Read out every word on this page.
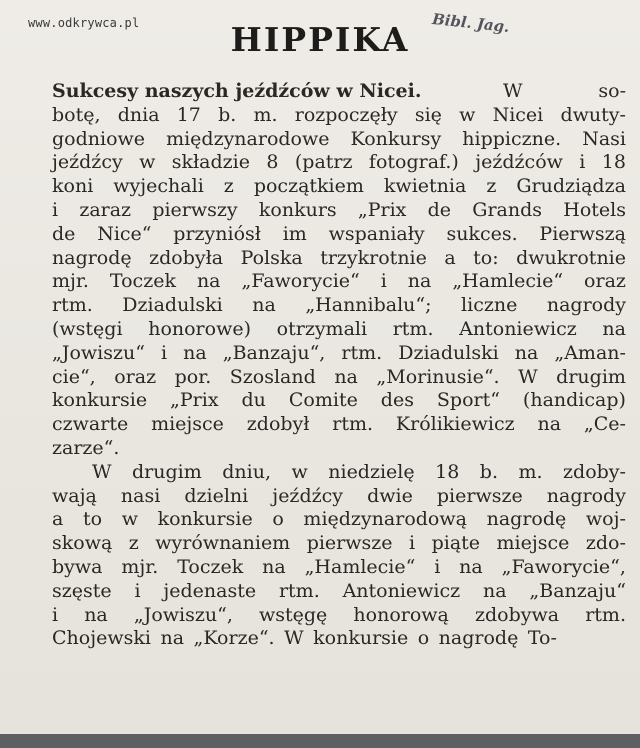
www.odkrywca.pl	Bibl. Jag.
HIPPIKA
Sukcesy naszych jeźdźców w Nicei.	W	so-
botę, dnia 17 b. m. rozpoczęły się w Nicei dwuty-
godniowe międzynarodowe Konkursy hippiczne. Nasi
jeźdźcy w składzie 8 (patrz fotograf.) jeźdźców i 18
koni wyjechali z początkiem kwietnia z Grudziądza
i zaraz pierwszy konkurs „Prix de Grands Hotels
de Nice“ przyniósł im wspaniały sukces. Pierwszą
nagrodę zdobyła Polska trzykrotnie a to: dwukrotnie
mjr. Toczek na „Faworycie“ i na „Hamlecie“ oraz
rtm. Dziadulski na „Hannibalu“; liczne nagrody
(wstęgi honorowe) otrzymali rtm. Antoniewicz na
„Jowiszu“ i na „Banzaju“, rtm. Dziadulski na „Aman-
cie“, oraz por. Szosland na „Morinusie“. W drugim
konkursie „Prix du Comite des Sport“ (handicap)
czwarte miejsce zdobył rtm. Królikiewicz na „Ce-
zarze“.
W drugim dniu, w niedzielę 18 b. m. zdoby-
wają nasi dzielni jeźdźcy dwie pierwsze nagrody
a to w konkursie o międzynarodową nagrodę woj-
skową z wyrównaniem pierwsze i piąte miejsce zdo-
bywa mjr. Toczek na „Hamlecie“ i na „Faworycie“,
szęste i jedenaste rtm. Antoniewicz na „Banzaju“
i na „Jowiszu“, wstęgę honorową zdobywa rtm.
Chojewski na „Korze“. W konkursie o nagrodę To-
